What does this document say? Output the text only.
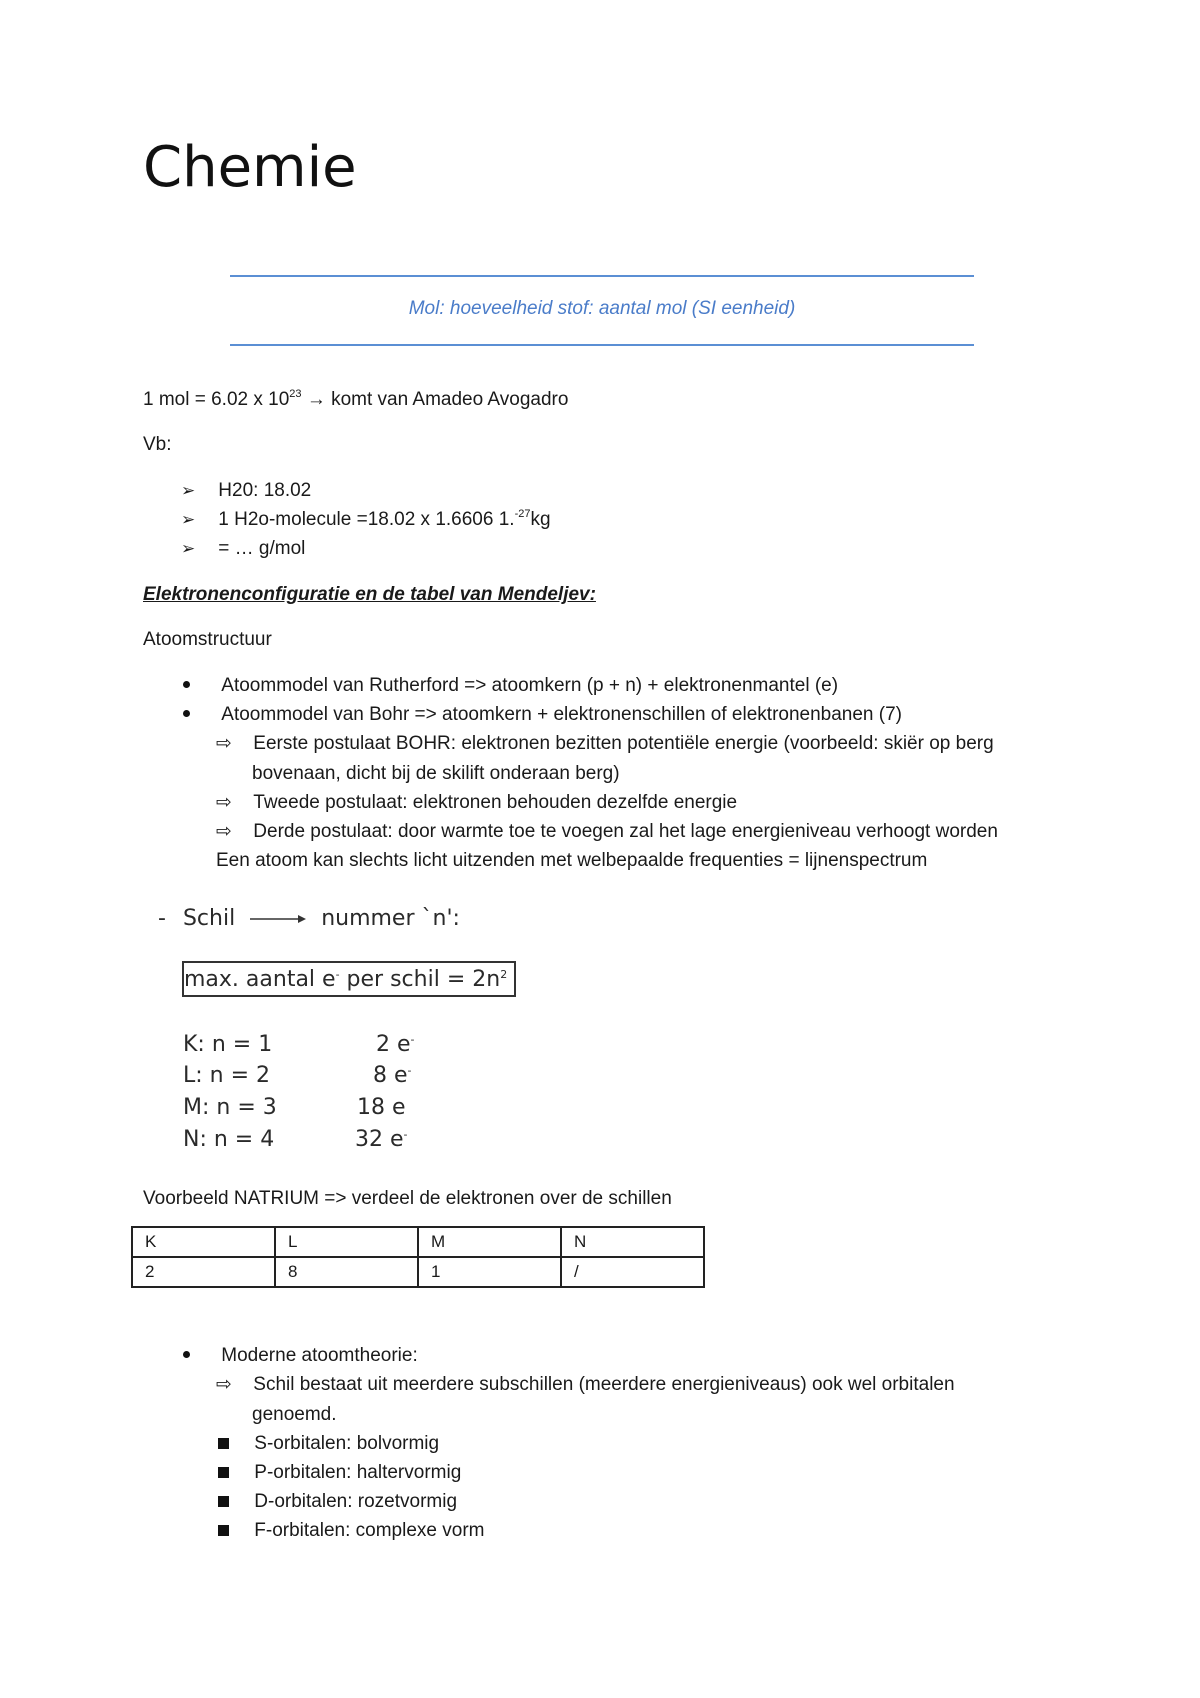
Chemie
Mol: hoeveelheid stof: aantal mol (SI eenheid)
1 mol = 6.02 x $10^{23}$ → komt van Amadeo Avogadro
Vb:
➢ H20: 18.02
➢ 1 H2o-molecule =18.02 x 1.6606 1.$^{-27}$kg
➢ = … g/mol
Elektronenconfiguratie en de tabel van Mendeljev:
Atoomstructuur
Atoommodel van Rutherford => atoomkern (p + n) + elektronenmantel (e)
Atoommodel van Bohr => atoomkern + elektronenschillen of elektronenbanen (7)
⇨ Eerste postulaat BOHR: elektronen bezitten potentiële energie (voorbeeld: skiër op berg
bovenaan, dicht bij de skilift onderaan berg)
⇨ Tweede postulaat: elektronen behouden dezelfde energie
⇨ Derde postulaat: door warmte toe te voegen zal het lage energieniveau verhoogt worden
Een atoom kan slechts licht uitzenden met welbepaalde frequenties = lijnenspectrum
- Schil	nummer `n':
max. aantal e- per schil = $2n^2$
K: n = 1	2 e-
L: n = 2	8 e-
M: n = 3	18 e
N: n = 4	32 e-
Voorbeeld NATRIUM => verdeel de elektronen over de schillen
K	L	M	N
2	8	1	/
Moderne atoomtheorie:
⇨ Schil bestaat uit meerdere subschillen (meerdere energieniveaus) ook wel orbitalen
genoemd.
S-orbitalen: bolvormig
P-orbitalen: haltervormig
D-orbitalen: rozetvormig
F-orbitalen: complexe vorm
